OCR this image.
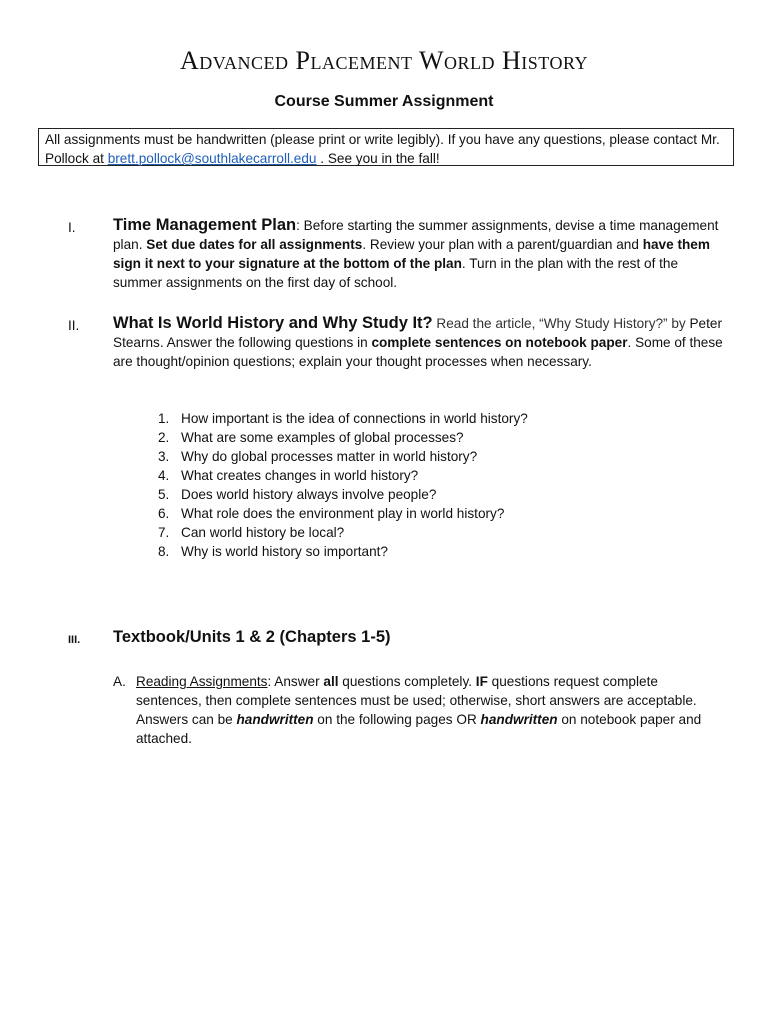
Advanced Placement World History
Course Summer Assignment
All assignments must be handwritten (please print or write legibly). If you have any questions, please contact Mr. Pollock at brett.pollock@southlakecarroll.edu . See you in the fall!
I. Time Management Plan: Before starting the summer assignments, devise a time management plan. Set due dates for all assignments. Review your plan with a parent/guardian and have them sign it next to your signature at the bottom of the plan. Turn in the plan with the rest of the summer assignments on the first day of school.
II. What Is World History and Why Study It? Read the article, “Why Study History?” by Peter Stearns. Answer the following questions in complete sentences on notebook paper. Some of these are thought/opinion questions; explain your thought processes when necessary.
1. How important is the idea of connections in world history?
2. What are some examples of global processes?
3. Why do global processes matter in world history?
4. What creates changes in world history?
5. Does world history always involve people?
6. What role does the environment play in world history?
7. Can world history be local?
8. Why is world history so important?
III. Textbook/Units 1 & 2 (Chapters 1-5)
A. Reading Assignments: Answer all questions completely. IF questions request complete sentences, then complete sentences must be used; otherwise, short answers are acceptable. Answers can be handwritten on the following pages OR handwritten on notebook paper and attached.
